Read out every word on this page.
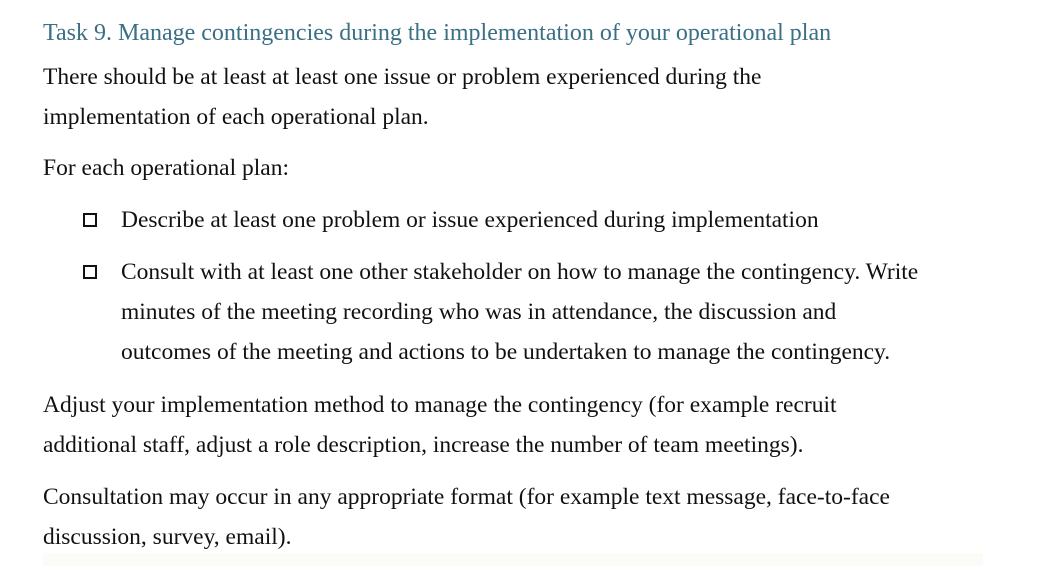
Task 9. Manage contingencies during the implementation of your operational plan
There should be at least at least one issue or problem experienced during the
implementation of each operational plan.
For each operational plan:
Describe at least one problem or issue experienced during implementation
Consult with at least one other stakeholder on how to manage the contingency. Write
minutes of the meeting recording who was in attendance, the discussion and
outcomes of the meeting and actions to be undertaken to manage the contingency.
Adjust your implementation method to manage the contingency (for example recruit
additional staff, adjust a role description, increase the number of team meetings).
Consultation may occur in any appropriate format (for example text message, face-to-face
discussion, survey, email).
